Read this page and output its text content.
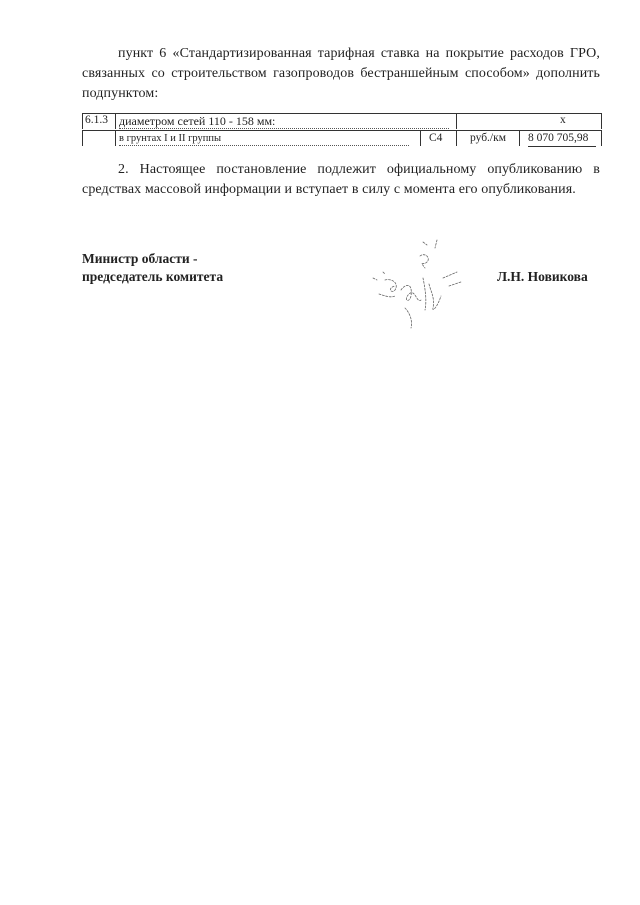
пункт 6 «Стандартизированная тарифная ставка на покрытие расходов ГРО, связанных со строительством газопроводов бестраншейным способом» дополнить подпунктом:
6.1.3 диаметром сетей 110 - 158 мм:	х
в грунтах I и II группы	С4 руб./км 8 070 705,98
2. Настоящее постановление подлежит официальному опубликованию в средствах массовой информации и вступает в силу с момента его опубликования.
Министр области -
председатель комитета	Л.Н. Новикова
